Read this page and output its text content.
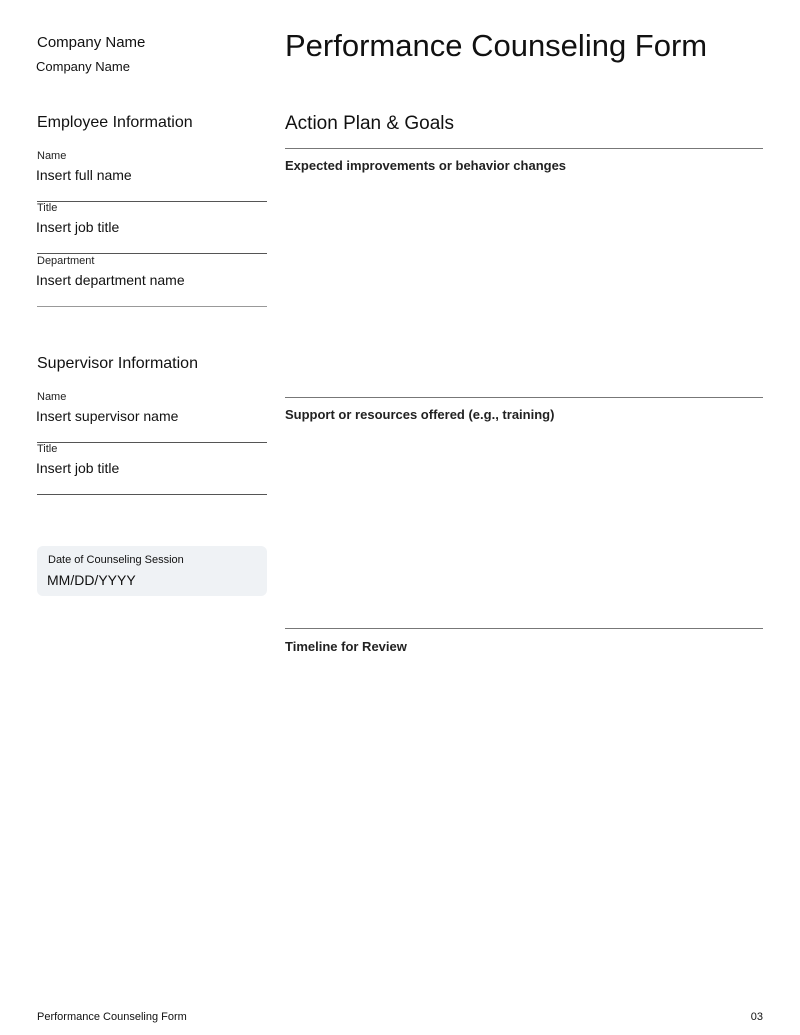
Company Name
Company Name
Performance Counseling Form
Employee Information
Name
Insert full name
Title
Insert job title
Department
Insert department name
Supervisor Information
Name
Insert supervisor name
Title
Insert job title
Date of Counseling Session
MM/DD/YYYY
Action Plan & Goals
Expected improvements or behavior changes
Support or resources offered (e.g., training)
Timeline for Review
Performance Counseling Form	03
